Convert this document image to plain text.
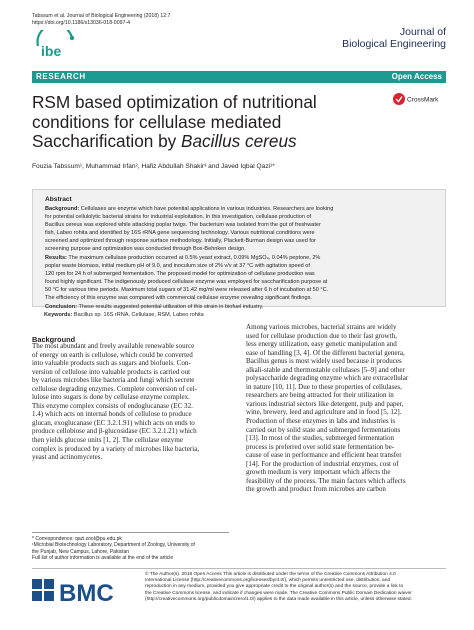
Tabssum et al. Journal of Biological Engineering (2018) 12:7
https://doi.org/10.1186/s13036-018-0097-4
Journal of
Biological Engineering
ibe
RESEARCH	Open Access
RSM based optimization of nutritional
conditions for cellulase mediated
Saccharification by Bacillus cereus
CrossMark
Fouzia Tabssum¹, Muhammad Irfan², Hafiz Abdullah Shakir³ and Javed Iqbal Qazi¹*
Abstract
Background: Cellulases are enzyme which have potential applications in various industries. Researchers are looking
for potential cellulolytic bacterial strains for industrial exploitation. In this investigation, cellulase production of
Bacillus cereus was explored while attacking poplar twigs. The bacterium was isolated from the gut of freshwater
fish, Labeo rohita and identified by 16S rRNA gene sequencing technology. Various nutritional conditions were
screened and optimized through response surface methodology. Initially, Plackett-Burman design was used for
screening purpose and optimization was conducted through Box-Behnken design.
Results: The maximum cellulase production occurred at 0.5% yeast extract, 0.09% MgSO₄, 0.04% peptone, 2%
poplar waste biomass, initial medium pH of 9.0, and inoculum size of 2% v/v at 37 °C with agitation speed of
120 rpm for 24 h of submerged fermentation. The proposed model for optimization of cellulase production was
found highly significant. The indigenously produced cellulase enzyme was employed for saccharification purpose at
50 °C for various time periods. Maximum total sugars of 31.42 mg/ml were released after 6 h of incubation at 50 °C.
The efficiency of this enzyme was compared with commercial cellulase enzyme revealing significant findings.
Conclusion: These results suggested potential utilization of this strain in biofuel industry.
Keywords: Bacillus sp. 16S rRNA, Cellulase, RSM, Labeo rohita
Background
The most abundant and freely available renewable source
of energy on earth is cellulose, which could be converted
into valuable products such as sugars and biofuels. Con-
version of cellulose into valuable products is carried out
by various microbes like bacteria and fungi which secrete
cellulose degrading enzymes. Complete conversion of cel-
lulose into sugars is done by cellulase enzyme complex.
This enzyme complex consists of endoglucanase (EC 32.
1.4) which acts on internal bonds of cellulose to produce
glucan, exoglucanase (EC 3.2.1.91) which acts on ends to
produce cellobiose and β-glucosidase (EC 3.2.1.21) which
then yields glucose units [1, 2]. The cellulase enzyme
complex is produced by a variety of microbes like bacteria,
yeast and actinomycetes.
Among various microbes, bacterial strains are widely
used for cellulase production due to their fast growth,
less energy utilization, easy genetic manipulation and
ease of handling [3, 4]. Of the different bacterial genera,
Bacillus genus is most widely used because it produces
alkali-stable and thermostable cellulases [5–9] and other
polysaccharide degrading enzyme which are extracellular
in nature [10, 11]. Due to these properties of cellulases,
researchers are being attracted for their utilization in
various industrial sectors like detergent, pulp and paper,
wine, brewery, leed and agriculture and in food [5, 12].
Production of these enzymes in labs and industries is
carried out by solid state and submerged fermentations
[13]. In most of the studies, submerged fermentation
process is preferred over solid state fermentation be-
cause of ease in performance and efficient heat transfer
[14]. For the production of industrial enzymes, cost of
growth medium is very important which affects the
feasibility of the process. The main factors which affects
the growth and product from microbes are carbon
* Correspondence: qazi.zool@pu.edu.pk
¹Microbial Biotechnology Laboratory, Department of Zoology, University of
the Punjab, New Campus, Lahore, Pakistan
Full list of author information is available at the end of the article
BMC
© The Author(s). 2018 Open Access This article is distributed under the terms of the Creative Commons Attribution 4.0
International License (http://creativecommons.org/licenses/by/4.0/), which permits unrestricted use, distribution, and
reproduction in any medium, provided you give appropriate credit to the original author(s) and the source, provide a link to
the Creative Commons license, and indicate if changes were made. The Creative Commons Public Domain Dedication waiver
(http://creativecommons.org/publicdomain/zero/1.0/) applies to the data made available in this article, unless otherwise stated.
